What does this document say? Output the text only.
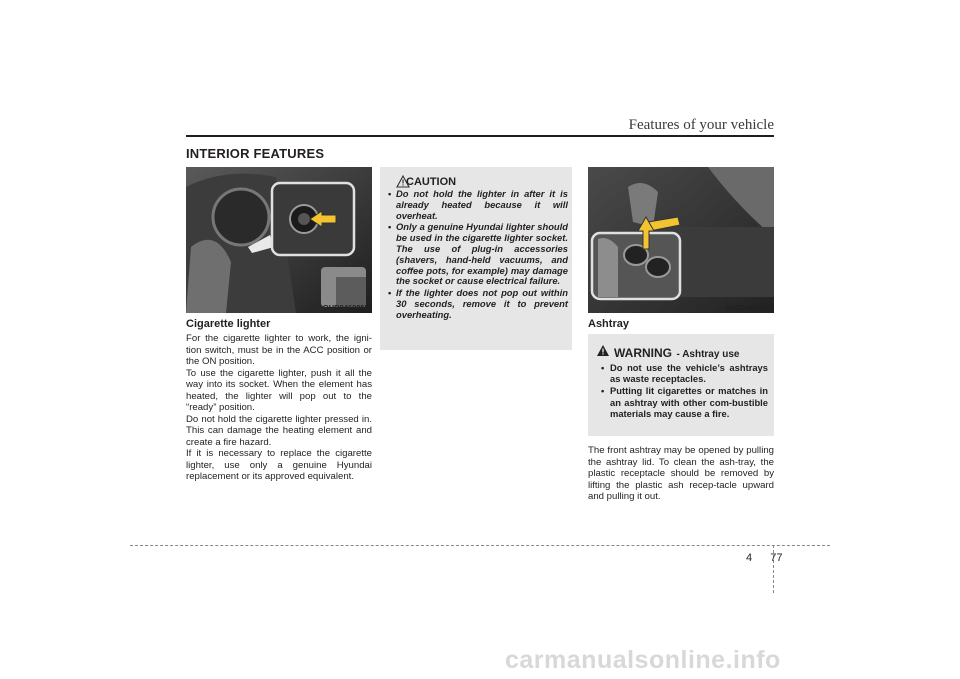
Features of your vehicle
INTERIOR FEATURES
OHD046085R
Cigarette lighter

For the cigarette lighter to work, the igni-tion switch, must be in the ACC position or the ON position.

To use the cigarette lighter, push it all the way into its socket. When the element has heated, the lighter will pop out to the “ready” position.

Do not hold the cigarette lighter pressed in. This can damage the heating element and create a fire hazard.

If it is necessary to replace the cigarette lighter, use only a genuine Hyundai replacement or its approved equivalent.

CAUTION
• Do not hold the lighter in after it is already heated because it will overheat.
• Only a genuine Hyundai lighter should be used in the cigarette lighter socket. The use of plug-in accessories (shavers, hand-held vacuums, and coffee pots, for example) may damage the socket or cause electrical failure.
• If the lighter does not pop out within 30 seconds, remove it to prevent overheating.
OHD046086R
Ashtray
WARNING - Ashtray use
• Do not use the vehicle’s ashtrays as waste receptacles.
• Putting lit cigarettes or matches in an ashtray with other com-bustible materials may cause a fire.

The front ashtray may be opened by pulling the ashtray lid. To clean the ash-tray, the plastic receptacle should be removed by lifting the plastic ash recep-tacle upward and pulling it out.

4 77
carmanualsonline.info
